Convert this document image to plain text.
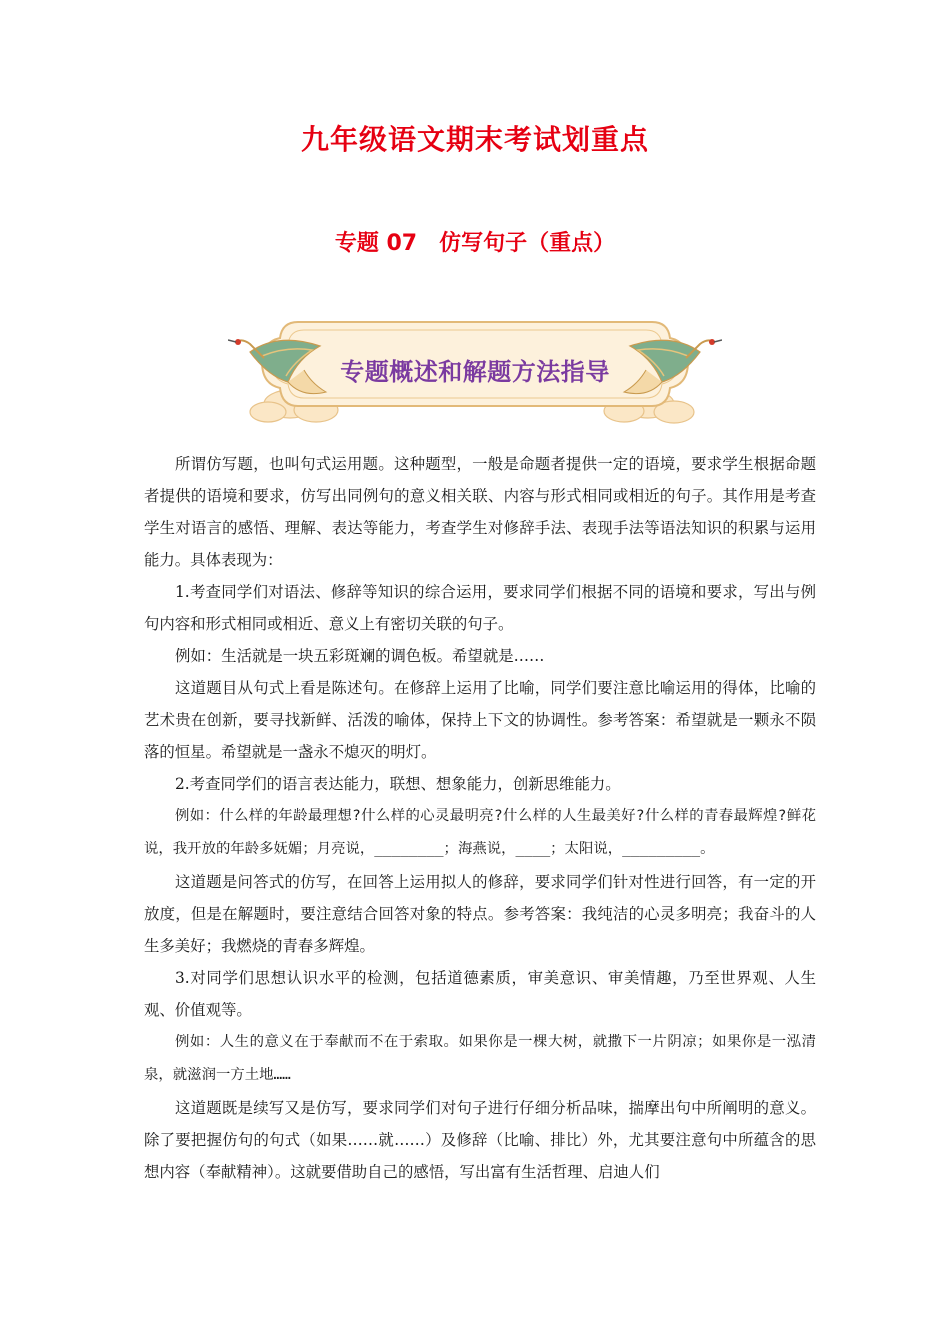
九年级语文期末考试划重点
专题 07 仿写句子（重点）
专题概述和解题方法指导

所谓仿写题，也叫句式运用题。这种题型，一般是命题者提供一定的语境，要求学生根据命题者提供的语境和要求，仿写出同例句的意义相关联、内容与形式相同或相近的句子。其作用是考查学生对语言的感悟、理解、表达等能力，考查学生对修辞手法、表现手法等语法知识的积累与运用能力。具体表现为：

1.考查同学们对语法、修辞等知识的综合运用，要求同学们根据不同的语境和要求，写出与例句内容和形式相同或相近、意义上有密切关联的句子。

例如：生活就是一块五彩斑斓的调色板。希望就是……

这道题目从句式上看是陈述句。在修辞上运用了比喻，同学们要注意比喻运用的得体，比喻的艺术贵在创新，要寻找新鲜、活泼的喻体，保持上下文的协调性。参考答案：希望就是一颗永不陨落的恒星。希望就是一盏永不熄灭的明灯。

2.考查同学们的语言表达能力，联想、想象能力，创新思维能力。

例如：什么样的年龄最理想?什么样的心灵最明亮?什么样的人生最美好?什么样的青春最辉煌?鲜花说，我开放的年龄多妩媚；月亮说，________；海燕说，____；太阳说，_________。

这道题是问答式的仿写，在回答上运用拟人的修辞，要求同学们针对性进行回答，有一定的开放度，但是在解题时，要注意结合回答对象的特点。参考答案：我纯洁的心灵多明亮；我奋斗的人生多美好；我燃烧的青春多辉煌。

3.对同学们思想认识水平的检测，包括道德素质，审美意识、审美情趣，乃至世界观、人生观、价值观等。

例如：人生的意义在于奉献而不在于索取。如果你是一棵大树，就撒下一片阴凉；如果你是一泓清泉，就滋润一方土地……

这道题既是续写又是仿写，要求同学们对句子进行仔细分析品味，揣摩出句中所阐明的意义。除了要把握仿句的句式（如果……就……）及修辞（比喻、排比）外，尤其要注意句中所蕴含的思想内容（奉献精神）。这就要借助自己的感悟，写出富有生活哲理、启迪人们
